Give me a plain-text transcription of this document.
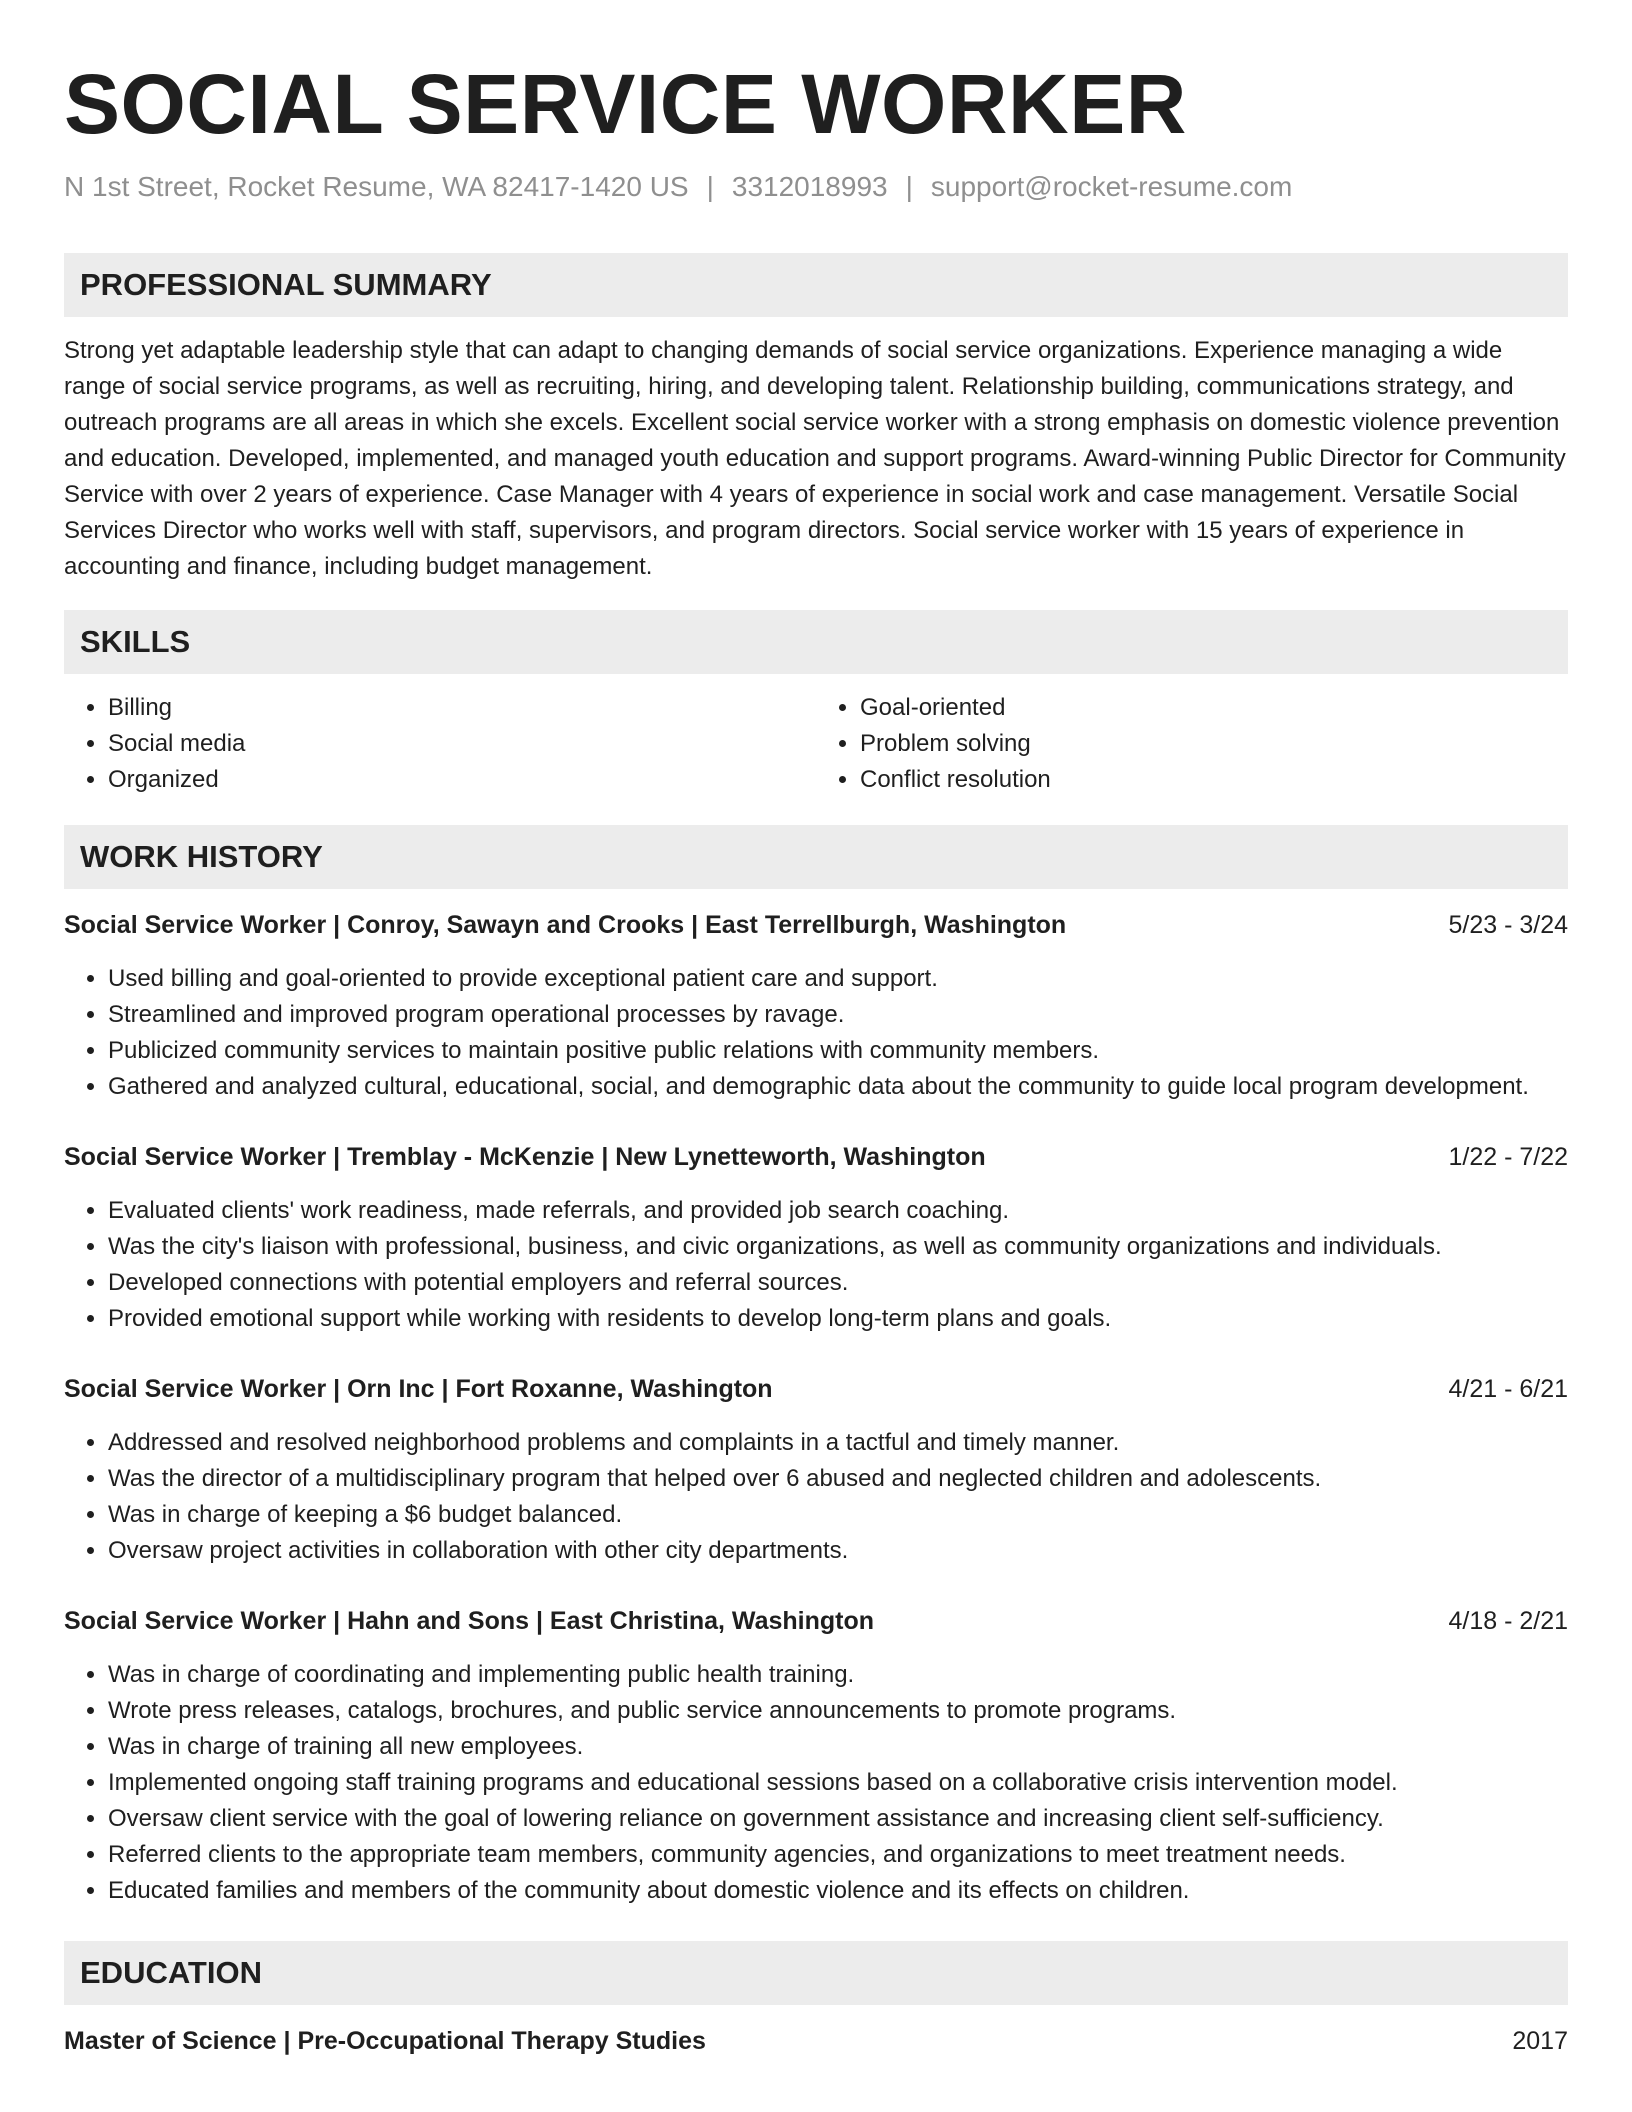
SOCIAL SERVICE WORKER
N 1st Street, Rocket Resume, WA 82417-1420 US | 3312018993 | support@rocket-resume.com
PROFESSIONAL SUMMARY

Strong yet adaptable leadership style that can adapt to changing demands of social service organizations. Experience managing a wide range of social service programs, as well as recruiting, hiring, and developing talent. Relationship building, communications strategy, and outreach programs are all areas in which she excels. Excellent social service worker with a strong emphasis on domestic violence prevention and education. Developed, implemented, and managed youth education and support programs. Award-winning Public Director for Community Service with over 2 years of experience. Case Manager with 4 years of experience in social work and case management. Versatile Social Services Director who works well with staff, supervisors, and program directors. Social service worker with 15 years of experience in accounting and finance, including budget management.

SKILLS
• Billing
• Social media
• Organized
• Goal-oriented
• Problem solving
• Conflict resolution
WORK HISTORY
Social Service Worker | Conroy, Sawayn and Crooks | East Terrellburgh, Washington	5/23 - 3/24
• Used billing and goal-oriented to provide exceptional patient care and support.
• Streamlined and improved program operational processes by ravage.
• Publicized community services to maintain positive public relations with community members.
• Gathered and analyzed cultural, educational, social, and demographic data about the community to guide local program development.
Social Service Worker | Tremblay - McKenzie | New Lynetteworth, Washington	1/22 - 7/22
• Evaluated clients' work readiness, made referrals, and provided job search coaching.
• Was the city's liaison with professional, business, and civic organizations, as well as community organizations and individuals.
• Developed connections with potential employers and referral sources.
• Provided emotional support while working with residents to develop long-term plans and goals.
Social Service Worker | Orn Inc | Fort Roxanne, Washington	4/21 - 6/21
• Addressed and resolved neighborhood problems and complaints in a tactful and timely manner.
• Was the director of a multidisciplinary program that helped over 6 abused and neglected children and adolescents.
• Was in charge of keeping a $6 budget balanced.
• Oversaw project activities in collaboration with other city departments.
Social Service Worker | Hahn and Sons | East Christina, Washington	4/18 - 2/21
• Was in charge of coordinating and implementing public health training.
• Wrote press releases, catalogs, brochures, and public service announcements to promote programs.
• Was in charge of training all new employees.
• Implemented ongoing staff training programs and educational sessions based on a collaborative crisis intervention model.
• Oversaw client service with the goal of lowering reliance on government assistance and increasing client self-sufficiency.
• Referred clients to the appropriate team members, community agencies, and organizations to meet treatment needs.
• Educated families and members of the community about domestic violence and its effects on children.
EDUCATION
Master of Science | Pre-Occupational Therapy Studies	2017
